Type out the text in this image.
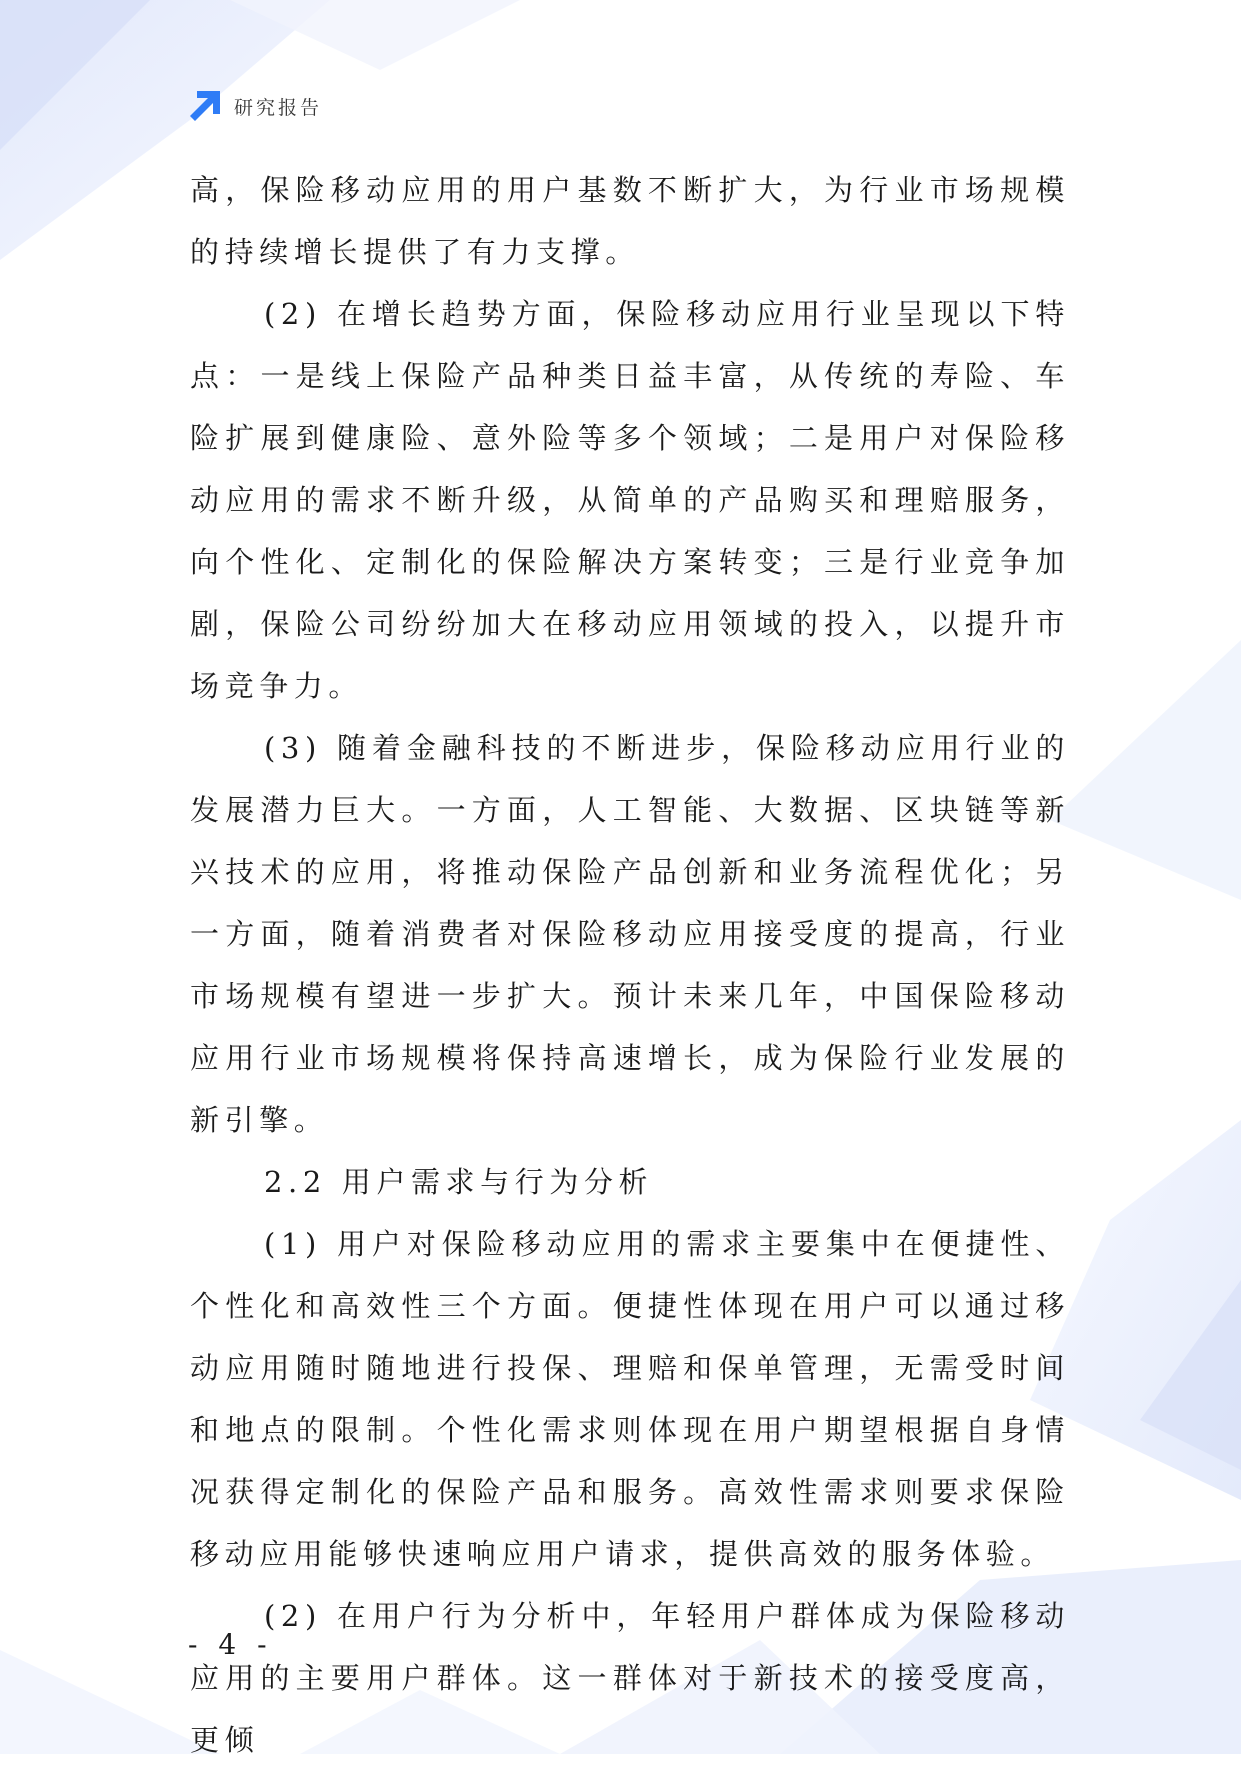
研究报告

高，保险移动应用的用户基数不断扩大，为行业市场规模的持续增长提供了有力支撑。

(2) 在增长趋势方面，保险移动应用行业呈现以下特点：一是线上保险产品种类日益丰富，从传统的寿险、车险扩展到健康险、意外险等多个领域；二是用户对保险移动应用的需求不断升级，从简单的产品购买和理赔服务，向个性化、定制化的保险解决方案转变；三是行业竞争加剧，保险公司纷纷加大在移动应用领域的投入，以提升市场竞争力。

(3) 随着金融科技的不断进步，保险移动应用行业的发展潜力巨大。一方面，人工智能、大数据、区块链等新兴技术的应用，将推动保险产品创新和业务流程优化；另一方面，随着消费者对保险移动应用接受度的提高，行业市场规模有望进一步扩大。预计未来几年，中国保险移动应用行业市场规模将保持高速增长，成为保险行业发展的新引擎。

2.2 用户需求与行为分析

(1) 用户对保险移动应用的需求主要集中在便捷性、个性化和高效性三个方面。便捷性体现在用户可以通过移动应用随时随地进行投保、理赔和保单管理，无需受时间和地点的限制。个性化需求则体现在用户期望根据自身情况获得定制化的保险产品和服务。高效性需求则要求保险移动应用能够快速响应用户请求，提供高效的服务体验。

(2) 在用户行为分析中，年轻用户群体成为保险移动应用的主要用户群体。这一群体对于新技术的接受度高，更倾

- 4 -
